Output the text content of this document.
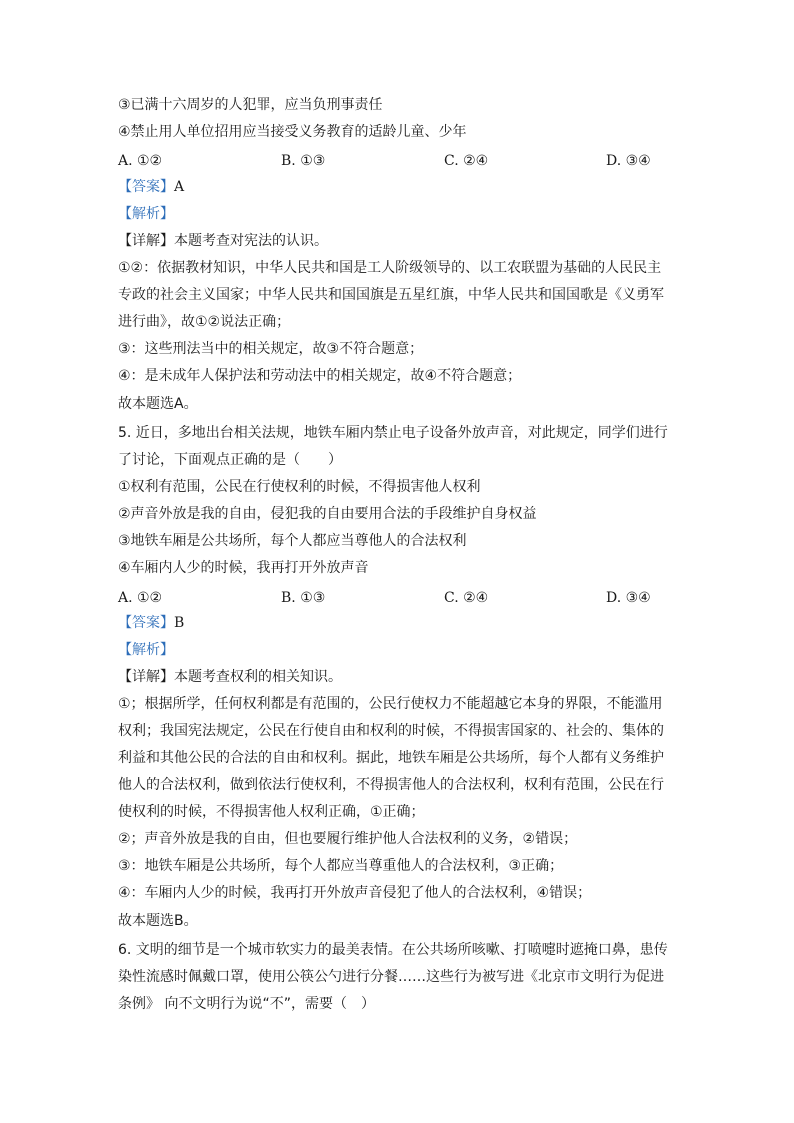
③已满十六周岁的人犯罪，应当负刑事责任
④禁止用人单位招用应当接受义务教育的适龄儿童、少年
A. ①②	B. ①③	C. ②④	D. ③④
【答案】A
【解析】
【详解】本题考查对宪法的认识。
①②：依据教材知识，中华人民共和国是工人阶级领导的、以工农联盟为基础的人民民主
专政的社会主义国家；中华人民共和国国旗是五星红旗，中华人民共和国国歌是《义勇军
进行曲》，故①②说法正确；
③：这些刑法当中的相关规定，故③不符合题意；
④：是未成年人保护法和劳动法中的相关规定，故④不符合题意；
故本题选A。
5. 近日，多地出台相关法规，地铁车厢内禁止电子设备外放声音，对此规定，同学们进行
了讨论，下面观点正确的是（　　）
①权利有范围，公民在行使权利的时候，不得损害他人权利
②声音外放是我的自由，侵犯我的自由要用合法的手段维护自身权益
③地铁车厢是公共场所，每个人都应当尊他人的合法权利
④车厢内人少的时候，我再打开外放声音
A. ①②	B. ①③	C. ②④	D. ③④
【答案】B
【解析】
【详解】本题考查权利的相关知识。
①；根据所学，任何权利都是有范围的，公民行使权力不能超越它本身的界限，不能滥用
权利；我国宪法规定，公民在行使自由和权利的时候，不得损害国家的、社会的、集体的
利益和其他公民的合法的自由和权利。据此，地铁车厢是公共场所，每个人都有义务维护
他人的合法权利，做到依法行使权利，不得损害他人的合法权利，权利有范围，公民在行
使权利的时候，不得损害他人权利正确，①正确；
②；声音外放是我的自由，但也要履行维护他人合法权利的义务，②错误；
③：地铁车厢是公共场所，每个人都应当尊重他人的合法权利，③正确；
④：车厢内人少的时候，我再打开外放声音侵犯了他人的合法权利，④错误；
故本题选B。
6. 文明的细节是一个城市软实力的最美表情。在公共场所咳嗽、打喷嚏时遮掩口鼻，患传
染性流感时佩戴口罩，使用公筷公勺进行分餐……这些行为被写进《北京市文明行为促进
条例》 向不文明行为说“不”，需要（　）
